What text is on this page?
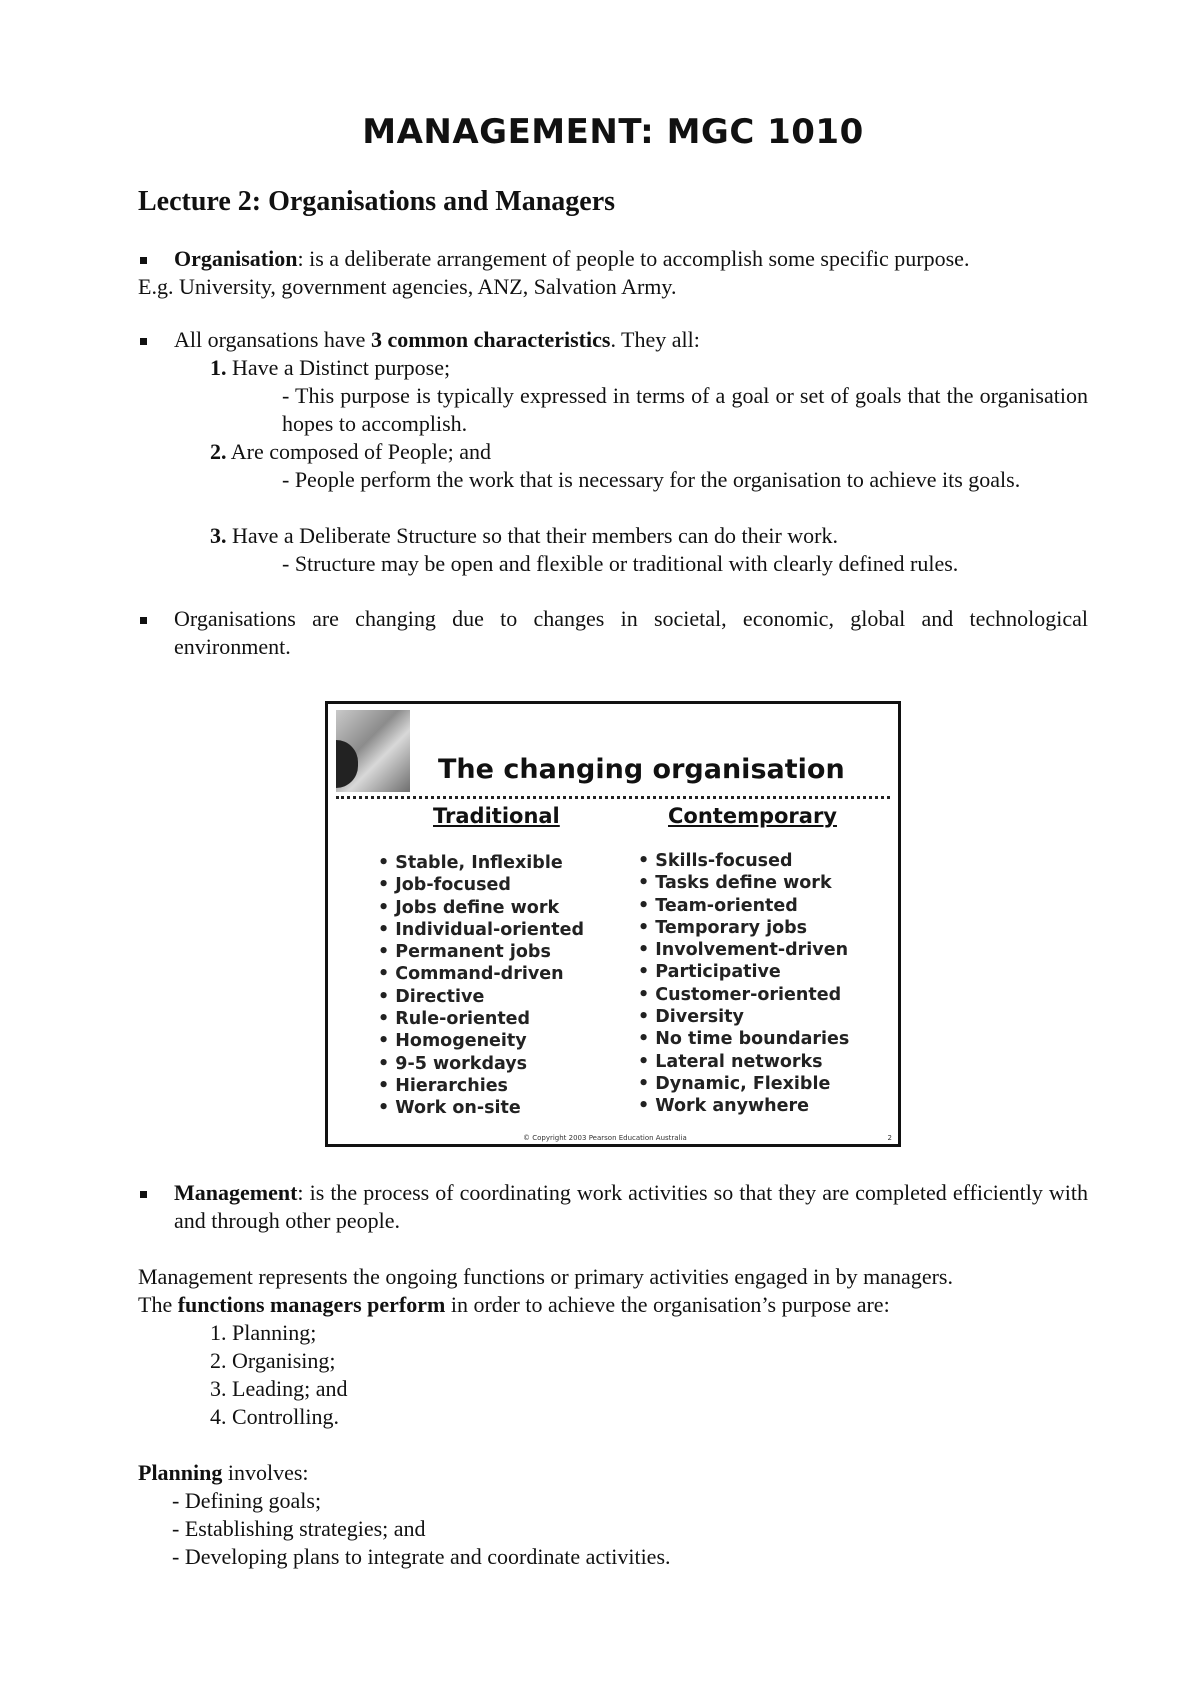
MANAGEMENT: MGC 1010
Lecture 2: Organisations and Managers
Organisation: is a deliberate arrangement of people to accomplish some specific purpose.
E.g. University, government agencies, ANZ, Salvation Army.
All organsations have 3 common characteristics. They all:
1. Have a Distinct purpose;
- This purpose is typically expressed in terms of a goal or set of goals that the organisation hopes to accomplish.
2. Are composed of People; and
- People perform the work that is necessary for the organisation to achieve its goals.
3. Have a Deliberate Structure so that their members can do their work.
- Structure may be open and flexible or traditional with clearly defined rules.
Organisations are changing due to changes in societal, economic, global and technological environment.
The changing organisation
Traditional	Contemporary
• Stable, Inflexible
• Job-focused
• Jobs define work
• Individual-oriented
• Permanent jobs
• Command-driven
• Directive
• Rule-oriented
• Homogeneity
• 9-5 workdays
• Hierarchies
• Work on-site
• Skills-focused
• Tasks define work
• Team-oriented
• Temporary jobs
• Involvement-driven
• Participative
• Customer-oriented
• Diversity
• No time boundaries
• Lateral networks
• Dynamic, Flexible
• Work anywhere
© Copyright 2003 Pearson Education Australia	2
Management: is the process of coordinating work activities so that they are completed efficiently with and through other people.
Management represents the ongoing functions or primary activities engaged in by managers.
The functions managers perform in order to achieve the organisation’s purpose are:
1. Planning;
2. Organising;
3. Leading; and
4. Controlling.
Planning involves:
- Defining goals;
- Establishing strategies; and
- Developing plans to integrate and coordinate activities.
